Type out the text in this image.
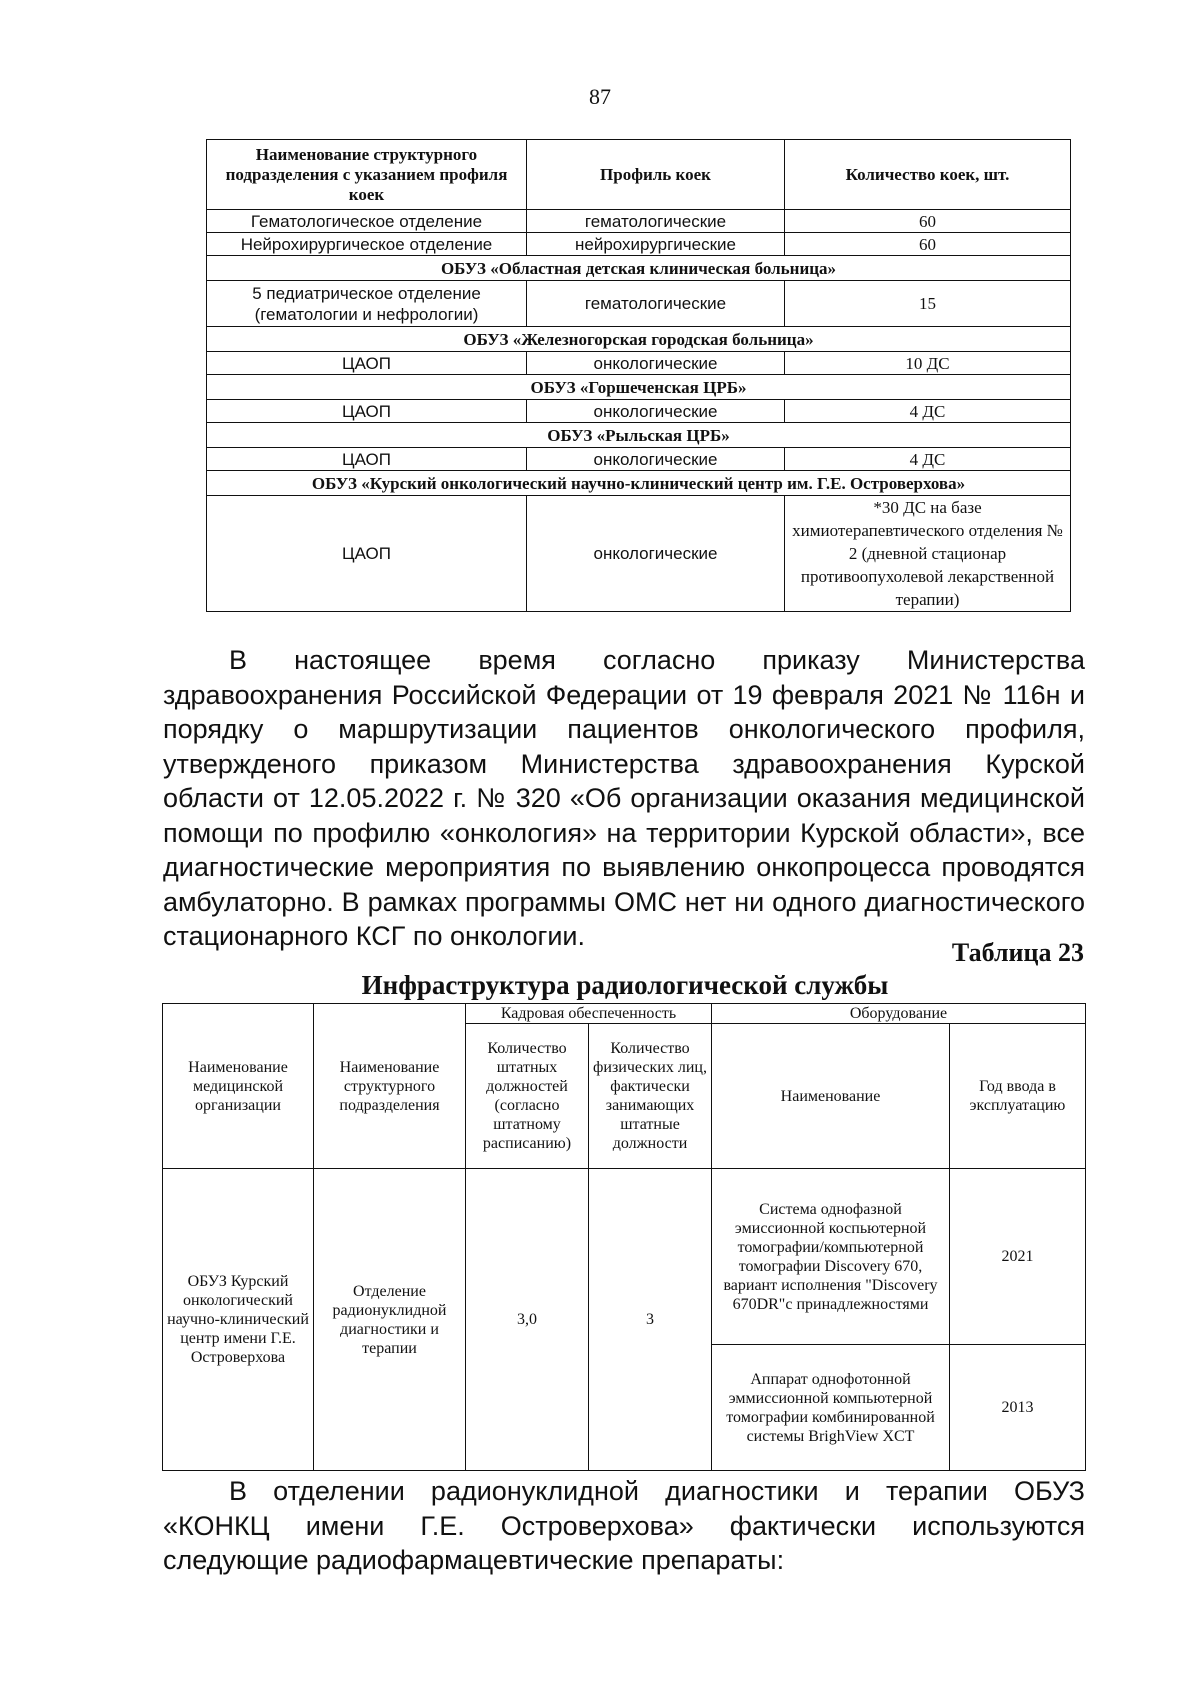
87
Наименование структурного подразделения с указанием профиля коек	Профиль коек	Количество коек, шт.
Гематологическое отделение	гематологические	60
Нейрохирургическое отделение	нейрохирургические	60
ОБУЗ «Областная детская клиническая больница»		
5 педиатрическое отделение (гематологии и нефрологии)	гематологические	15
ОБУЗ «Железногорская городская больница»		
ЦАОП	онкологические	10 ДС
ОБУЗ «Горшеченская ЦРБ»		
ЦАОП	онкологические	4 ДС
ОБУЗ «Рыльская ЦРБ»		
ЦАОП	онкологические	4 ДС
ОБУЗ «Курский онкологический научно-клинический центр им. Г.Е. Островерхова»		
ЦАОП	онкологические	*30 ДС на базе химиотерапевтического отделения № 2 (дневной стационар противоопухолевой лекарственной терапии)

В настоящее время согласно приказу Министерства здравоохранения Российской Федерации от 19 февраля 2021 № 116н и порядку о маршрутизации пациентов онкологического профиля, утвержденого приказом Министерства здравоохранения Курской области от 12.05.2022 г. № 320 «Об организации оказания медицинской помощи по профилю «онкология» на территории Курской области», все диагностические мероприятия по выявлению онкопроцесса проводятся амбулаторно. В рамках программы ОМС нет ни одного диагностического стационарного КСГ по онкологии.

Таблица 23
Инфраструктура радиологической службы
Наименование медицинской организации	Наименование структурного подразделения	Кадровая обеспеченность		Оборудование	
		Количество штатных должностей (согласно штатному расписанию)	Количество физических лиц, фактически занимающих штатные должности	Наименование	Год ввода в эксплуатацию
ОБУЗ Курский онкологический научно-клинический центр имени Г.Е. Островерхова	Отделение радионуклидной диагностики и терапии	3,0	3	Система однофазной эмиссионной коспьютерной томографии/компьютерной томографии Discovery 670, вариант исполнения "Discovery 670DR"с принадлежностями	2021
				Аппарат однофотонной эммиссионной компьютерной томографии комбинированной системы BrighView XCT	2013

В отделении радионуклидной диагностики и терапии ОБУЗ «КОНКЦ имени Г.Е. Островерхова» фактически используются следующие радиофармацевтические препараты:
